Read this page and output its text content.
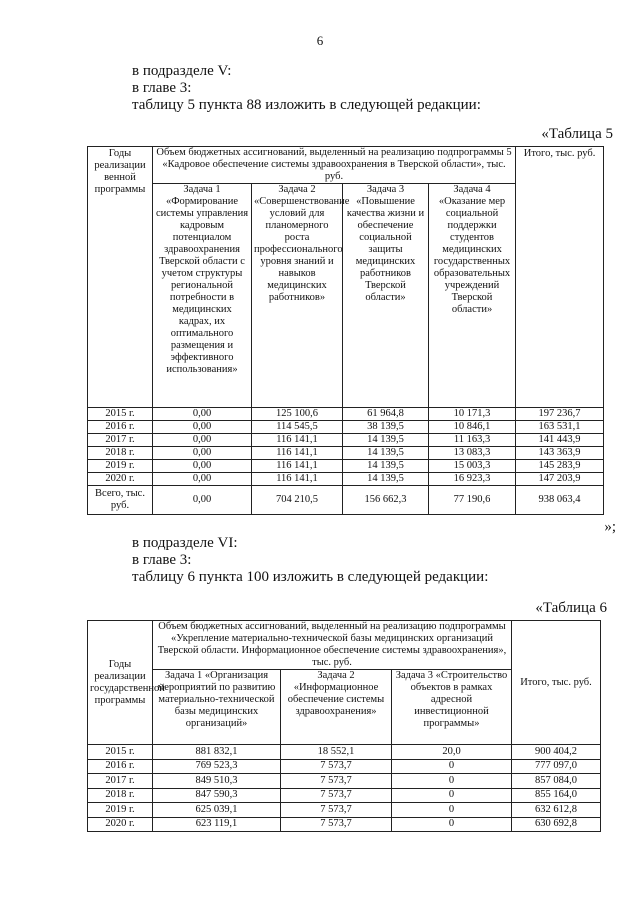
6
в подразделе V:
в главе 3:
таблицу 5 пункта 88 изложить в следующей редакции:
«Таблица 5
Годы реализации венной программы	Объем бюджетных ассигнований, выделенный на реализацию подпрограммы 5 «Кадровое обеспечение системы здравоохранения в Тверской области», тыс. руб.				Итого, тыс. руб.
	Задача 1 «Формирование системы управления кадровым потенциалом здравоохранения Тверской области с учетом структуры региональной потребности в медицинских кадрах, их оптимального размещения и эффективного использования»	Задача 2 «Совершенствование условий для планомерного роста профессионального уровня знаний и навыков медицинских работников»	Задача 3 «Повышение качества жизни и обеспечение социальной защиты медицинских работников Тверской области»	Задача 4 «Оказание мер социальной поддержки студентов медицинских государственных образовательных учреждений Тверской области»	
2015 г.	0,00	125 100,6	61 964,8	10 171,3	197 236,7
2016 г.	0,00	114 545,5	38 139,5	10 846,1	163 531,1
2017 г.	0,00	116 141,1	14 139,5	11 163,3	141 443,9
2018 г.	0,00	116 141,1	14 139,5	13 083,3	143 363,9
2019 г.	0,00	116 141,1	14 139,5	15 003,3	145 283,9
2020 г.	0,00	116 141,1	14 139,5	16 923,3	147 203,9
Всего, тыс. руб.	0,00	704 210,5	156 662,3	77 190,6	938 063,4
»;
в подразделе VI:
в главе 3:
таблицу 6 пункта 100 изложить в следующей редакции:
«Таблица 6
Годы реализации государственной программы	Объем бюджетных ассигнований, выделенный на реализацию подпрограммы «Укрепление материально-технической базы медицинских организаций Тверской области. Информационное обеспечение системы здравоохранения», тыс. руб.			Итого, тыс. руб.
	Задача 1 «Организация мероприятий по развитию материально-технической базы медицинских организаций»	Задача 2 «Информационное обеспечение системы здравоохранения»	Задача 3 «Строительство объектов в рамках адресной инвестиционной программы»	
2015 г.	881 832,1	18 552,1	20,0	900 404,2
2016 г.	769 523,3	7 573,7	0	777 097,0
2017 г.	849 510,3	7 573,7	0	857 084,0
2018 г.	847 590,3	7 573,7	0	855 164,0
2019 г.	625 039,1	7 573,7	0	632 612,8
2020 г.	623 119,1	7 573,7	0	630 692,8
